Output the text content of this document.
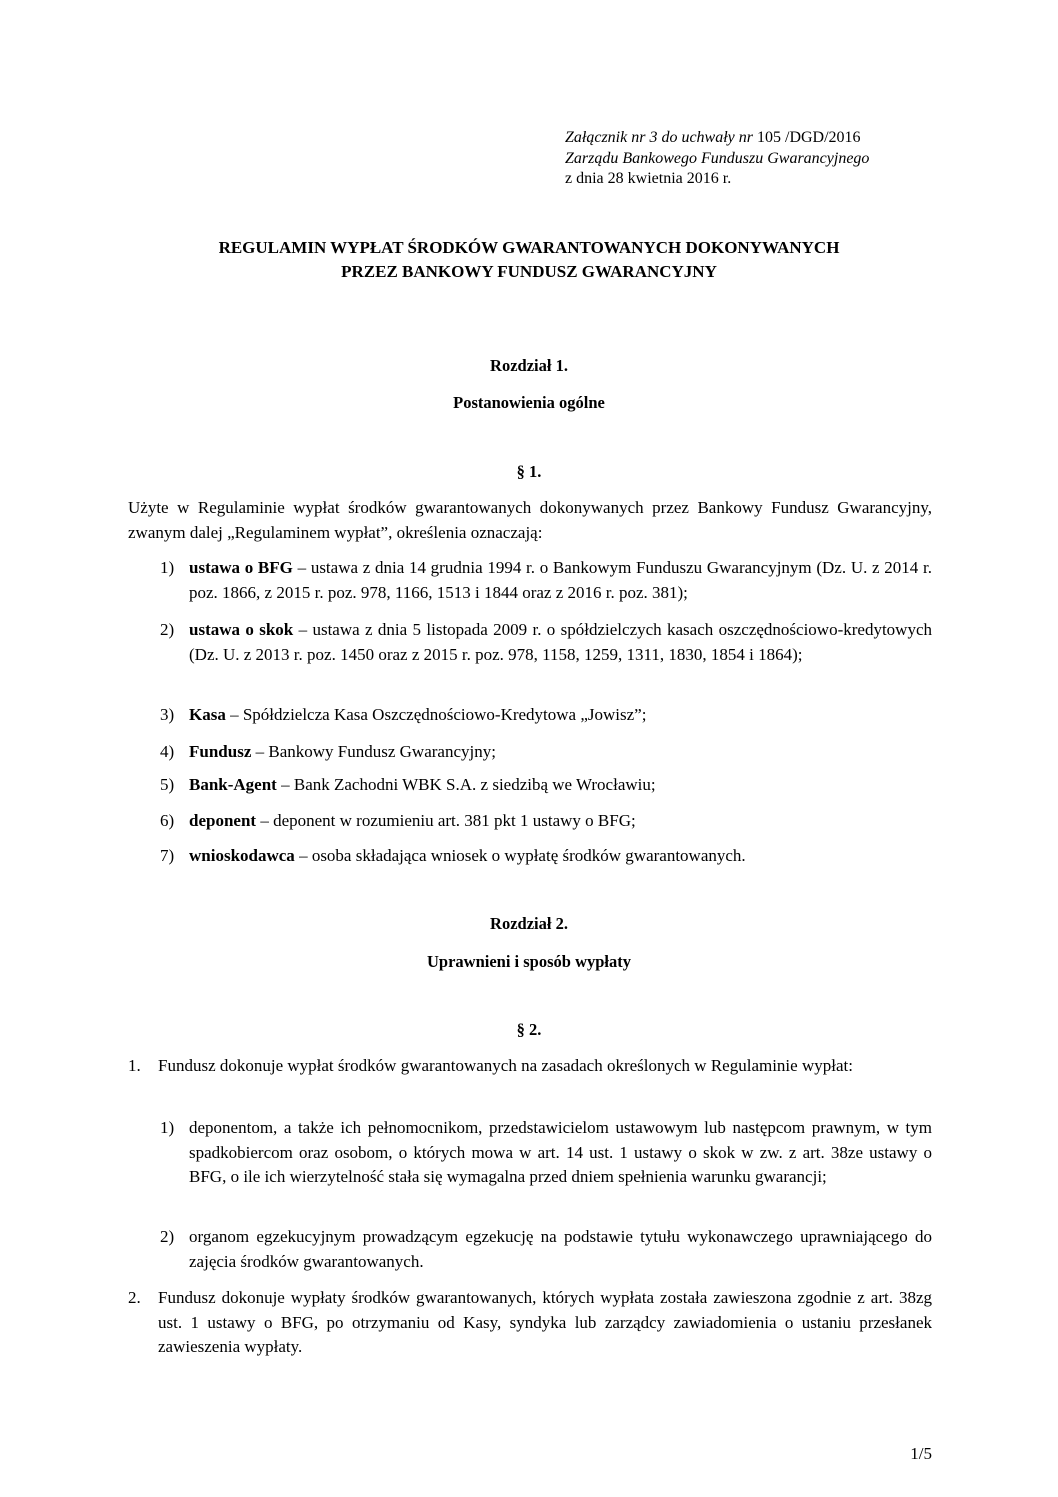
Załącznik nr 3 do uchwały nr 105 /DGD/2016
Zarządu Bankowego Funduszu Gwarancyjnego
z dnia 28 kwietnia 2016 r.
REGULAMIN WYPŁAT ŚRODKÓW GWARANTOWANYCH DOKONYWANYCH
PRZEZ BANKOWY FUNDUSZ GWARANCYJNY
Rozdział 1.
Postanowienia ogólne
§ 1.
Użyte w Regulaminie wypłat środków gwarantowanych dokonywanych przez Bankowy Fundusz Gwarancyjny, zwanym dalej „Regulaminem wypłat”, określenia oznaczają:
1) ustawa o BFG – ustawa z dnia 14 grudnia 1994 r. o Bankowym Funduszu Gwarancyjnym (Dz. U. z 2014 r. poz. 1866, z 2015 r. poz. 978, 1166, 1513 i 1844 oraz z 2016 r. poz. 381);
2) ustawa o skok – ustawa z dnia 5 listopada 2009 r. o spółdzielczych kasach oszczędnościowo-kredytowych (Dz. U. z 2013 r. poz. 1450 oraz z 2015 r. poz. 978, 1158, 1259, 1311, 1830, 1854 i 1864);
3) Kasa – Spółdzielcza Kasa Oszczędnościowo-Kredytowa „Jowisz”;
4) Fundusz – Bankowy Fundusz Gwarancyjny;
5) Bank-Agent – Bank Zachodni WBK S.A. z siedzibą we Wrocławiu;
6) deponent – deponent w rozumieniu art. 381 pkt 1 ustawy o BFG;
7) wnioskodawca – osoba składająca wniosek o wypłatę środków gwarantowanych.
Rozdział 2.
Uprawnieni i sposób wypłaty
§ 2.
1. Fundusz dokonuje wypłat środków gwarantowanych na zasadach określonych w Regulaminie wypłat:
1) deponentom, a także ich pełnomocnikom, przedstawicielom ustawowym lub następcom prawnym, w tym spadkobiercom oraz osobom, o których mowa w art. 14 ust. 1 ustawy o skok w zw. z art. 38ze ustawy o BFG, o ile ich wierzytelność stała się wymagalna przed dniem spełnienia warunku gwarancji;
2) organom egzekucyjnym prowadzącym egzekucję na podstawie tytułu wykonawczego uprawniającego do zajęcia środków gwarantowanych.
2. Fundusz dokonuje wypłaty środków gwarantowanych, których wypłata została zawieszona zgodnie z art. 38zg ust. 1 ustawy o BFG, po otrzymaniu od Kasy, syndyka lub zarządcy zawiadomienia o ustaniu przesłanek zawieszenia wypłaty.
1/5
